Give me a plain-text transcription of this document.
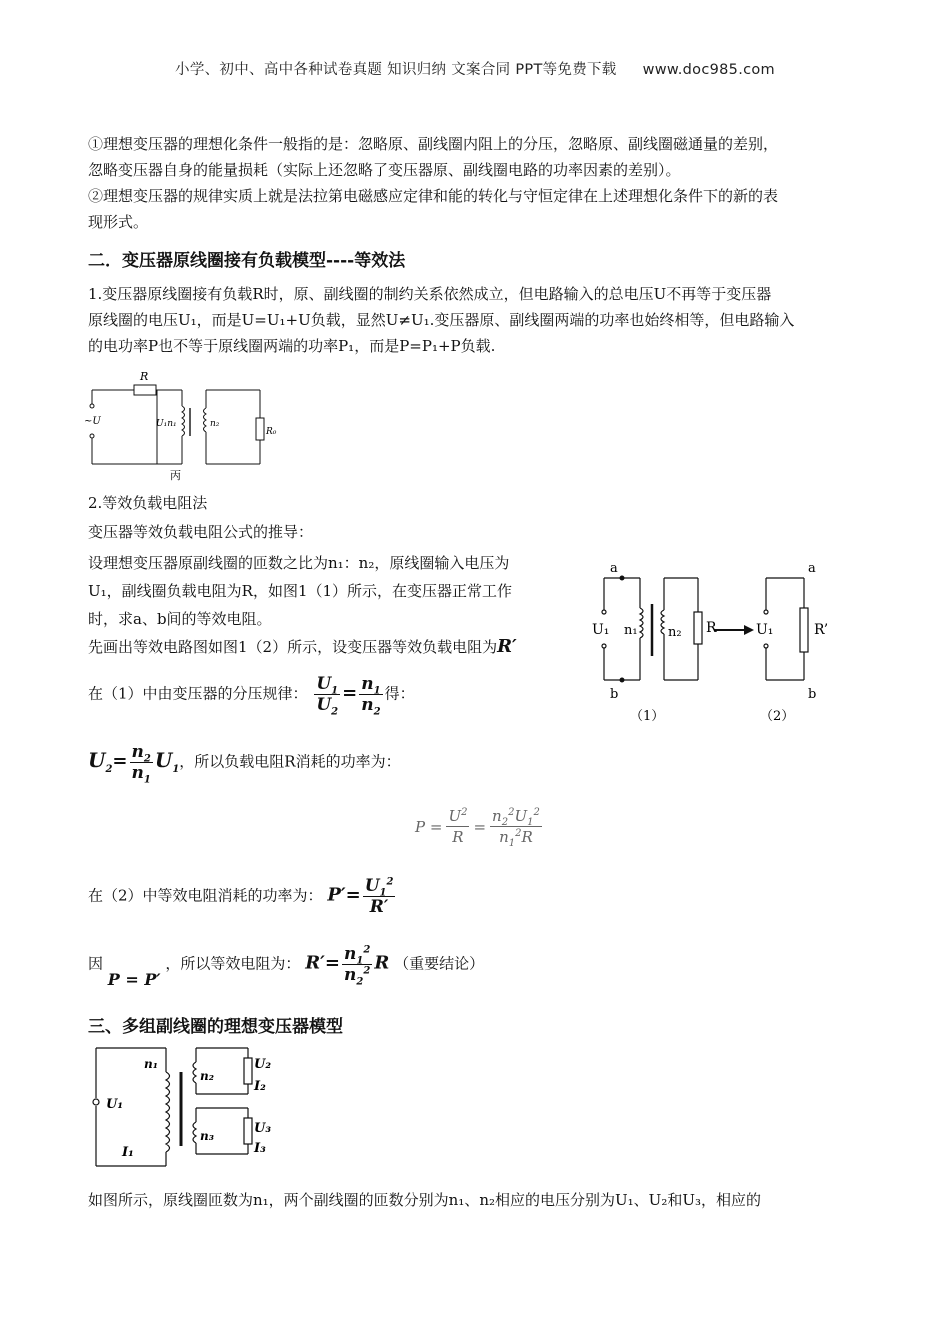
小学、初中、高中各种试卷真题 知识归纳 文案合同 PPT等免费下载 www.doc985.com
①理想变压器的理想化条件一般指的是：忽略原、副线圈内阻上的分压，忽略原、副线圈磁通量的差别，
忽略变压器自身的能量损耗（实际上还忽略了变压器原、副线圈电路的功率因素的差别）。
②理想变压器的规律实质上就是法拉第电磁感应定律和能的转化与守恒定律在上述理想化条件下的新的表
现形式。
二．变压器原线圈接有负载模型----等效法
1.变压器原线圈接有负载R时，原、副线圈的制约关系依然成立，但电路输入的总电压U不再等于变压器
原线圈的电压U₁，而是U=U₁+U负载，显然U≠U₁.变压器原、副线圈两端的功率也始终相等，但电路输入
的电功率P也不等于原线圈两端的功率P₁，而是P=P₁+P负载.
R
~U	U₁n₁	n₂
R₀
丙
2.等效负载电阻法
变压器等效负载电阻公式的推导：
设理想变压器原副线圈的匝数之比为n₁：n₂，原线圈输入电压为
U₁，副线圈负载电阻为R，如图1（1）所示，在变压器正常工作
时，求a、b间的等效电阻。
先画出等效电路图如图1（2）所示，设变压器等效负载电阻为R′
a
b
U₁ n₁ n₂ R
a
b
U₁	R’
（1）	（2）
在（1）中由变压器的分压规律： $\frac{U_1}{U_2} = \frac{n_1}{n_2}$ 得：
$U_2= \frac{n_2}{n_1} U_1$，所以负载电阻R消耗的功率为：
$P = \frac{U^2}{R} = \frac{n_2^2U_1^2}{n_1^2R}$
在（2）中等效电阻消耗的功率为： $P'= \frac{U_1^2}{R'}$
因 P = P′ ，所以等效电阻为： $R'= \frac{n_1^2}{n_2^2}$ R （重要结论）
三、多组副线圈的理想变压器模型
n₁
n₂
n₃
U₁
I₁
U₂
I₂
U₃
I₃
如图所示，原线圈匝数为n₁，两个副线圈的匝数分别为n₁、n₂相应的电压分别为U₁、U₂和U₃，相应的
